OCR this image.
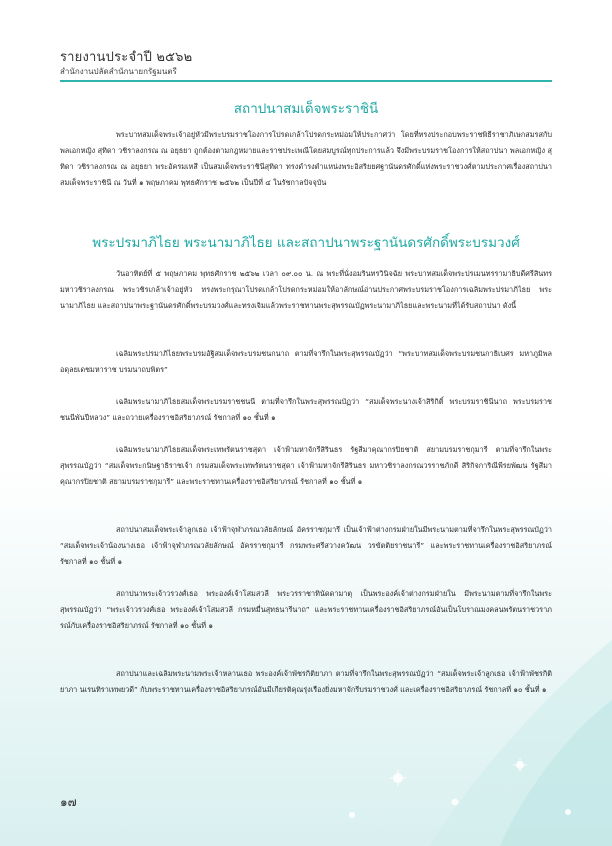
รายงานประจำปี ๒๕๖๒
สำนักงานปลัดสำนักนายกรัฐมนตรี
สถาปนาสมเด็จพระราชินี
พระบาทสมเด็จพระเจ้าอยู่หัวมีพระบรมราชโองการโปรดเกล้าโปรดกระหม่อมให้ประกาศว่า โดยที่ทรงประกอบพระราชพิธีราชาภิเษกสมรสกับ พลเอกหญิง สุทิดา วชิราลงกรณ ณ อยุธยา ถูกต้องตามกฎหมายและราชประเพณีโดยสมบูรณ์ทุกประการแล้ว จึงมีพระบรมราชโองการให้สถาปนา พลเอกหญิง สุทิดา วชิราลงกรณ ณ อยุธยา พระอัครมเหสี เป็นสมเด็จพระราชินีสุทิดา ทรงดำรงตำแหน่งพระอิสริยยศฐานันดรศักดิ์แห่งพระราชวงศ์ตามประกาศเรื่องสถาปนาสมเด็จพระราชินี ณ วันที่ ๑ พฤษภาคม พุทธศักราช ๒๕๖๒ เป็นปีที่ ๔ ในรัชกาลปัจจุบัน
พระปรมาภิไธย พระนามาภิไธย และสถาปนาพระฐานันดรศักดิ์พระบรมวงศ์
วันอาทิตย์ที่ ๕ พฤษภาคม พุทธศักราช ๒๕๖๒ เวลา ๐๙.๐๐ น. ณ พระที่นั่งอมรินทรวินิจฉัย พระบาทสมเด็จพระปรเมนทรรามาธิบดีศรีสินทรมหาวชิราลงกรณ พระวชิรเกล้าเจ้าอยู่หัว ทรงพระกรุณาโปรดเกล้าโปรดกระหม่อมให้อาลักษณ์อ่านประกาศพระบรมราชโองการเฉลิมพระปรมาภิไธย พระนามาภิไธย และสถาปนาพระฐานันดรศักดิ์พระบรมวงศ์และทรงเจิมแล้วพระราชทานพระสุพรรณบัฏพระนามาภิไธยและพระนามที่ได้รับสถาปนา ดังนี้
เฉลิมพระปรมาภิไธยพระบรมอัฐิสมเด็จพระบรมชนกนาถ ตามที่จารึกในพระสุพรรณบัฏว่า “พระบาทสมเด็จพระบรมชนกาธิเบศร มหาภูมิพลอดุลยเดชมหาราช บรมนาถบพิตร”
เฉลิมพระนามาภิไธยสมเด็จพระบรมราชชนนี ตามที่จารึกในพระสุพรรณบัฏว่า “สมเด็จพระนางเจ้าสิริกิติ์ พระบรมราชินีนาถ พระบรมราชชนนีพันปีหลวง” และถวายเครื่องราชอิสริยาภรณ์ รัชกาลที่ ๑๐ ชั้นที่ ๑
เฉลิมพระนามาภิไธยสมเด็จพระเทพรัตนราชสุดา เจ้าฟ้ามหาจักรีสิรินธร รัฐสีมาคุณากรปิยชาติ สยามบรมราชกุมารี ตามที่จารึกในพระสุพรรณบัฏว่า “สมเด็จพระกนิษฐาธิราชเจ้า กรมสมเด็จพระเทพรัตนราชสุดา เจ้าฟ้ามหาจักรีสิรินธร มหาวชิราลงกรณวรราชภักดี สิริกิจการิณีพีรยพัฒน รัฐสีมาคุณากรปิยชาติ สยามบรมราชกุมารี” และพระราชทานเครื่องราชอิสริยาภรณ์ รัชกาลที่ ๑๐ ชั้นที่ ๑
สถาปนาสมเด็จพระเจ้าลูกเธอ เจ้าฟ้าจุฬาภรณวลัยลักษณ์ อัครราชกุมารี เป็นเจ้าฟ้าต่างกรมฝ่ายในมีพระนามตามที่จารึกในพระสุพรรณบัฏว่า “สมเด็จพระเจ้าน้องนางเธอ เจ้าฟ้าจุฬาภรณวลัยลักษณ์ อัครราชกุมารี กรมพระศรีสวางควัฒน วรขัตติยราชนารี” และพระราชทานเครื่องราชอิสริยาภรณ์ รัชกาลที่ ๑๐ ชั้นที่ ๑
สถาปนาพระเจ้าวรวงศ์เธอ พระองค์เจ้าโสมสวลี พระวรราชาทินัดดามาตุ เป็นพระองค์เจ้าต่างกรมฝ่ายใน มีพระนามตามที่จารึกในพระสุพรรณบัฏว่า “พระเจ้าวรวงศ์เธอ พระองค์เจ้าโสมสวลี กรมหมื่นสุทธนารีนาถ” และพระราชทานเครื่องราชอิสริยาภรณ์อันเป็นโบราณมงคลนพรัตนราชวราภรณ์กับเครื่องราชอิสริยาภรณ์ รัชกาลที่ ๑๐ ชั้นที่ ๑
สถาปนาและเฉลิมพระนามพระเจ้าหลานเธอ พระองค์เจ้าพัชรกิติยาภา ตามที่จารึกในพระสุพรรณบัฏว่า “สมเด็จพระเจ้าลูกเธอ เจ้าฟ้าพัชรกิติยาภา นเรนทิราเทพยวดี” กับพระราชทานเครื่องราชอิสริยาภรณ์อันมีเกียรติคุณรุ่งเรืองยิ่งมหาจักรีบรมราชวงศ์ และเครื่องราชอิสริยาภรณ์ รัชกาลที่ ๑๐ ชั้นที่ ๑
๑๗
